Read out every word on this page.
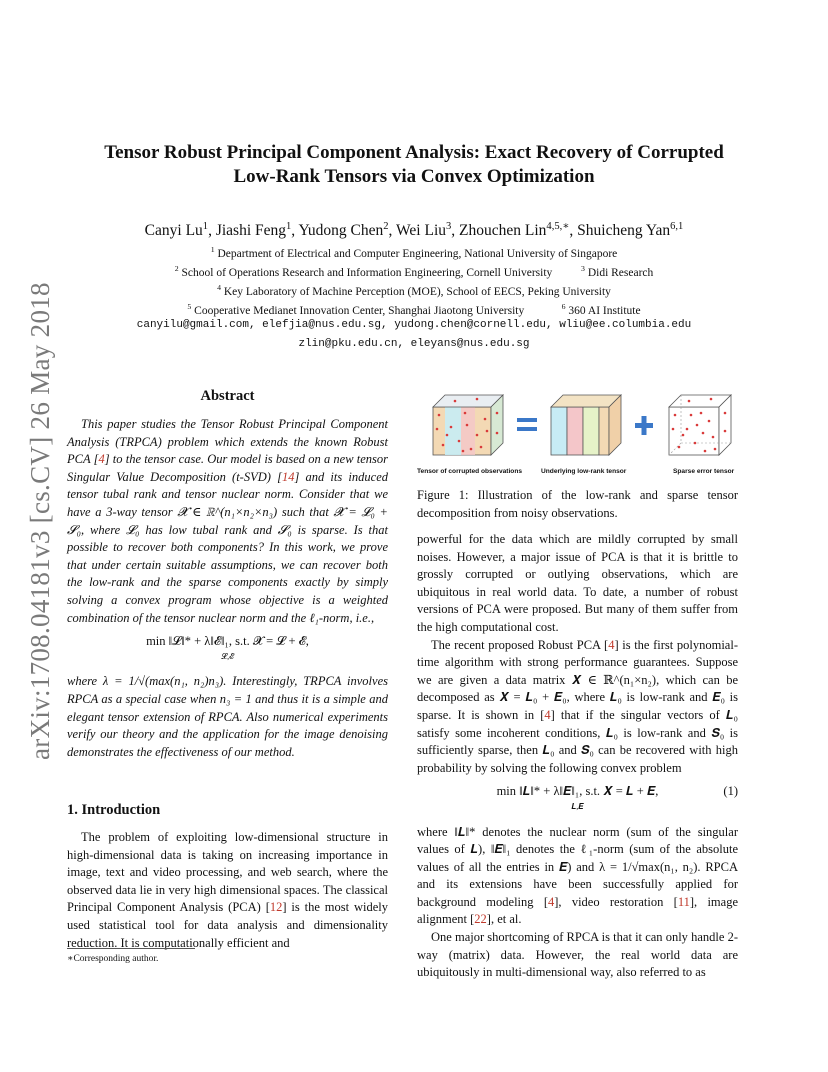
arXiv:1708.04181v3 [cs.CV] 26 May 2018
Tensor Robust Principal Component Analysis: Exact Recovery of Corrupted
Low-Rank Tensors via Convex Optimization
Canyi Lu$^1$, Jiashi Feng$^1$, Yudong Chen$^2$, Wei Liu$^3$, Zhouchen Lin$^{4,5,∗}$, Shuicheng Yan$^{6,1}$
$^1$ Department of Electrical and Computer Engineering, National University of Singapore
$^2$ School of Operations Research and Information Engineering, Cornell University	$^3$ Didi Research
$^4$ Key Laboratory of Machine Perception (MOE), School of EECS, Peking University
$^5$ Cooperative Medianet Innovation Center, Shanghai Jiaotong University	$^6$ 360 AI Institute
canyilu@gmail.com, elefjia@nus.edu.sg, yudong.chen@cornell.edu, wliu@ee.columbia.edu
zlin@pku.edu.cn, eleyans@nus.edu.sg
Abstract

This paper studies the Tensor Robust Principal Component Analysis (TRPCA) problem which extends the known Robust PCA [4] to the tensor case. Our model is based on a new tensor Singular Value Decomposition (t-SVD) [14] and its induced tensor tubal rank and tensor nuclear norm. Consider that we have a 3-way tensor 𝓧 ∈ ℝ^(n₁×n₂×n₃) such that 𝓧 = 𝓛₀ + 𝓢₀, where 𝓛₀ has low tubal rank and 𝓢₀ is sparse. Is that possible to recover both components? In this work, we prove that under certain suitable assumptions, we can recover both the low-rank and the sparse components exactly by simply solving a convex program whose objective is a weighted combination of the tensor nuclear norm and the ℓ₁-norm, i.e.,

min ‖𝓛‖* + λ‖𝓔‖₁, s.t. 𝓧 = 𝓛 + 𝓔,
𝓛,𝓔

where λ = 1/√(max(n₁, n₂)n₃). Interestingly, TRPCA involves RPCA as a special case when n₃ = 1 and thus it is a simple and elegant tensor extension of RPCA. Also numerical experiments verify our theory and the application for the image denoising demonstrates the effectiveness of our method.

1. Introduction

The problem of exploiting low-dimensional structure in high-dimensional data is taking on increasing importance in image, text and video processing, and web search, where the observed data lie in very high dimensional spaces. The classical Principal Component Analysis (PCA) [12] is the most widely used statistical tool for data analysis and dimensionality reduction. It is computationally efficient and

∗Corresponding author.
Tensor of corrupted observations	Underlying low-rank tensor	Sparse error tensor
Figure 1: Illustration of the low-rank and sparse tensor decomposition from noisy observations.

powerful for the data which are mildly corrupted by small noises. However, a major issue of PCA is that it is brittle to grossly corrupted or outlying observations, which are ubiquitous in real world data. To date, a number of robust versions of PCA were proposed. But many of them suffer from the high computational cost.

The recent proposed Robust PCA [4] is the first polynomial-time algorithm with strong performance guarantees. Suppose we are given a data matrix 𝑿 ∈ ℝ^(n₁×n₂), which can be decomposed as 𝑿 = 𝑳₀ + 𝑬₀, where 𝑳₀ is low-rank and 𝑬₀ is sparse. It is shown in [4] that if the singular vectors of 𝑳₀ satisfy some incoherent conditions, 𝑳₀ is low-rank and 𝑺₀ is sufficiently sparse, then 𝑳₀ and 𝑺₀ can be recovered with high probability by solving the following convex problem

min ‖𝑳‖* + λ‖𝑬‖₁, s.t. 𝑿 = 𝑳 + 𝑬,
𝑳,𝑬
(1)

where ‖𝑳‖* denotes the nuclear norm (sum of the singular values of 𝑳), ‖𝑬‖₁ denotes the ℓ₁-norm (sum of the absolute values of all the entries in 𝑬) and λ = 1/√max(n₁, n₂). RPCA and its extensions have been successfully applied for background modeling [4], video restoration [11], image alignment [22], et al.

One major shortcoming of RPCA is that it can only handle 2-way (matrix) data. However, the real world data are ubiquitously in multi-dimensional way, also referred to as
